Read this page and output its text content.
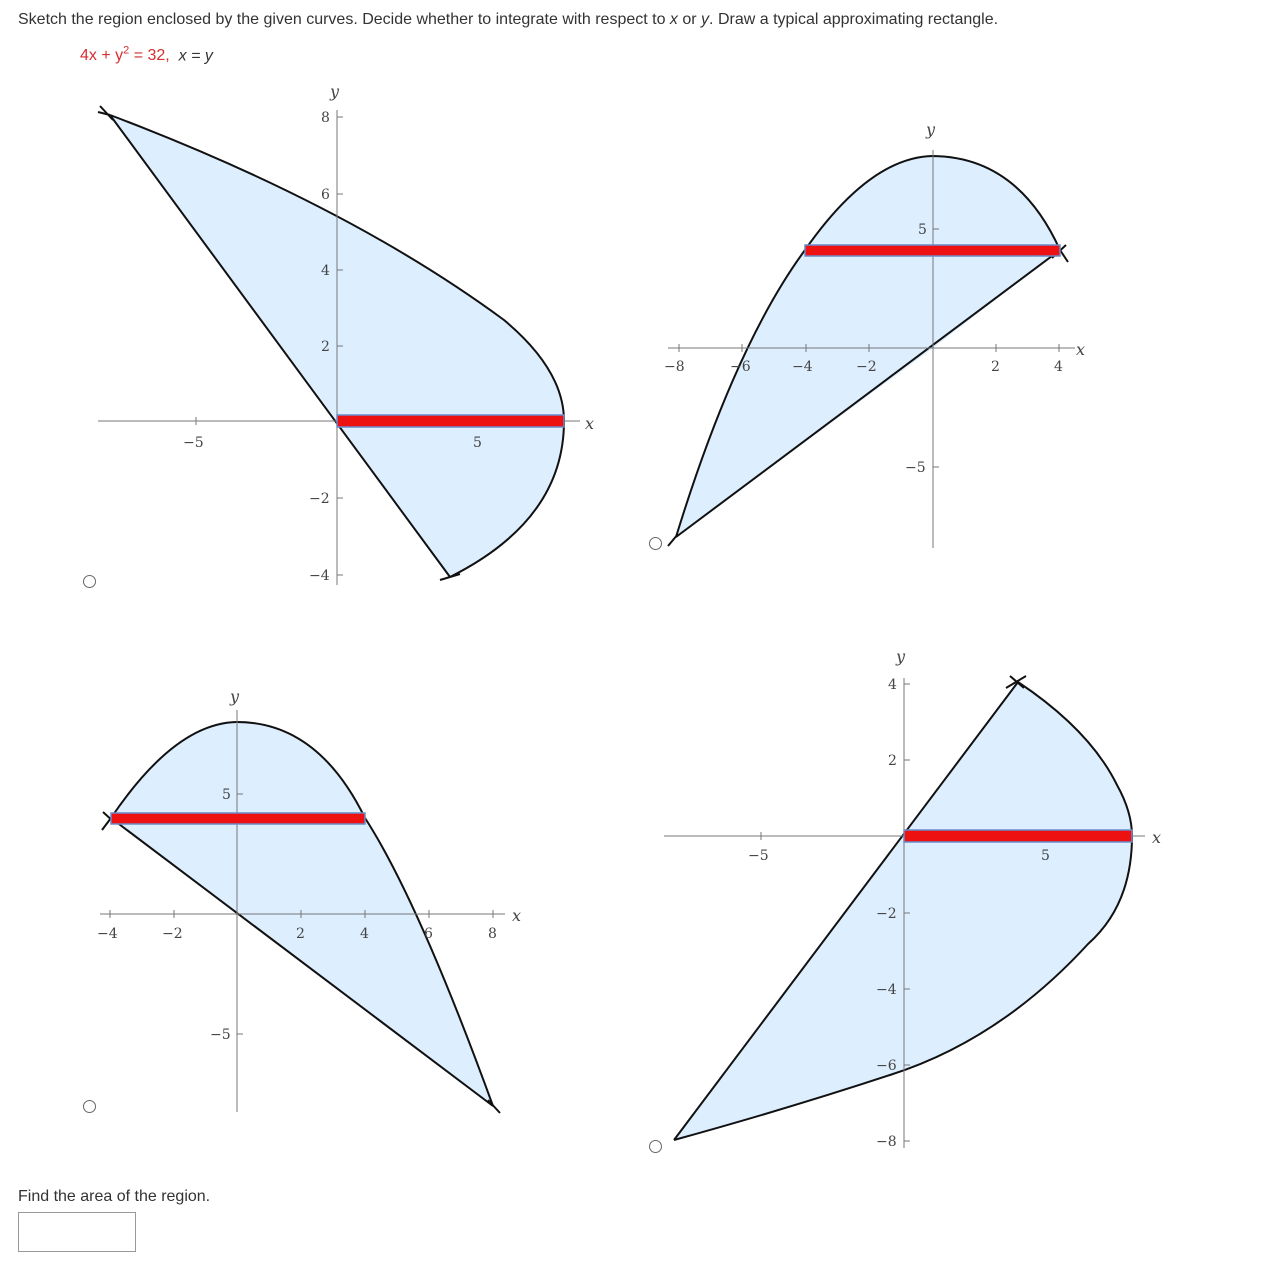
Sketch the region enclosed by the given curves. Decide whether to integrate with respect to x or y. Draw a typical approximating rectangle.
$4x + y^2 = 32$, x = y
−5	5
8
6
4
2
−2
−4
x
y
−8	−6	−4	−2	2	4
5
−5
x
y
−4	−2	2	4	6	8
5
−5
x
y
−5	5
4
2
−2
−4
−6
−8
x
y
Find the area of the region.
